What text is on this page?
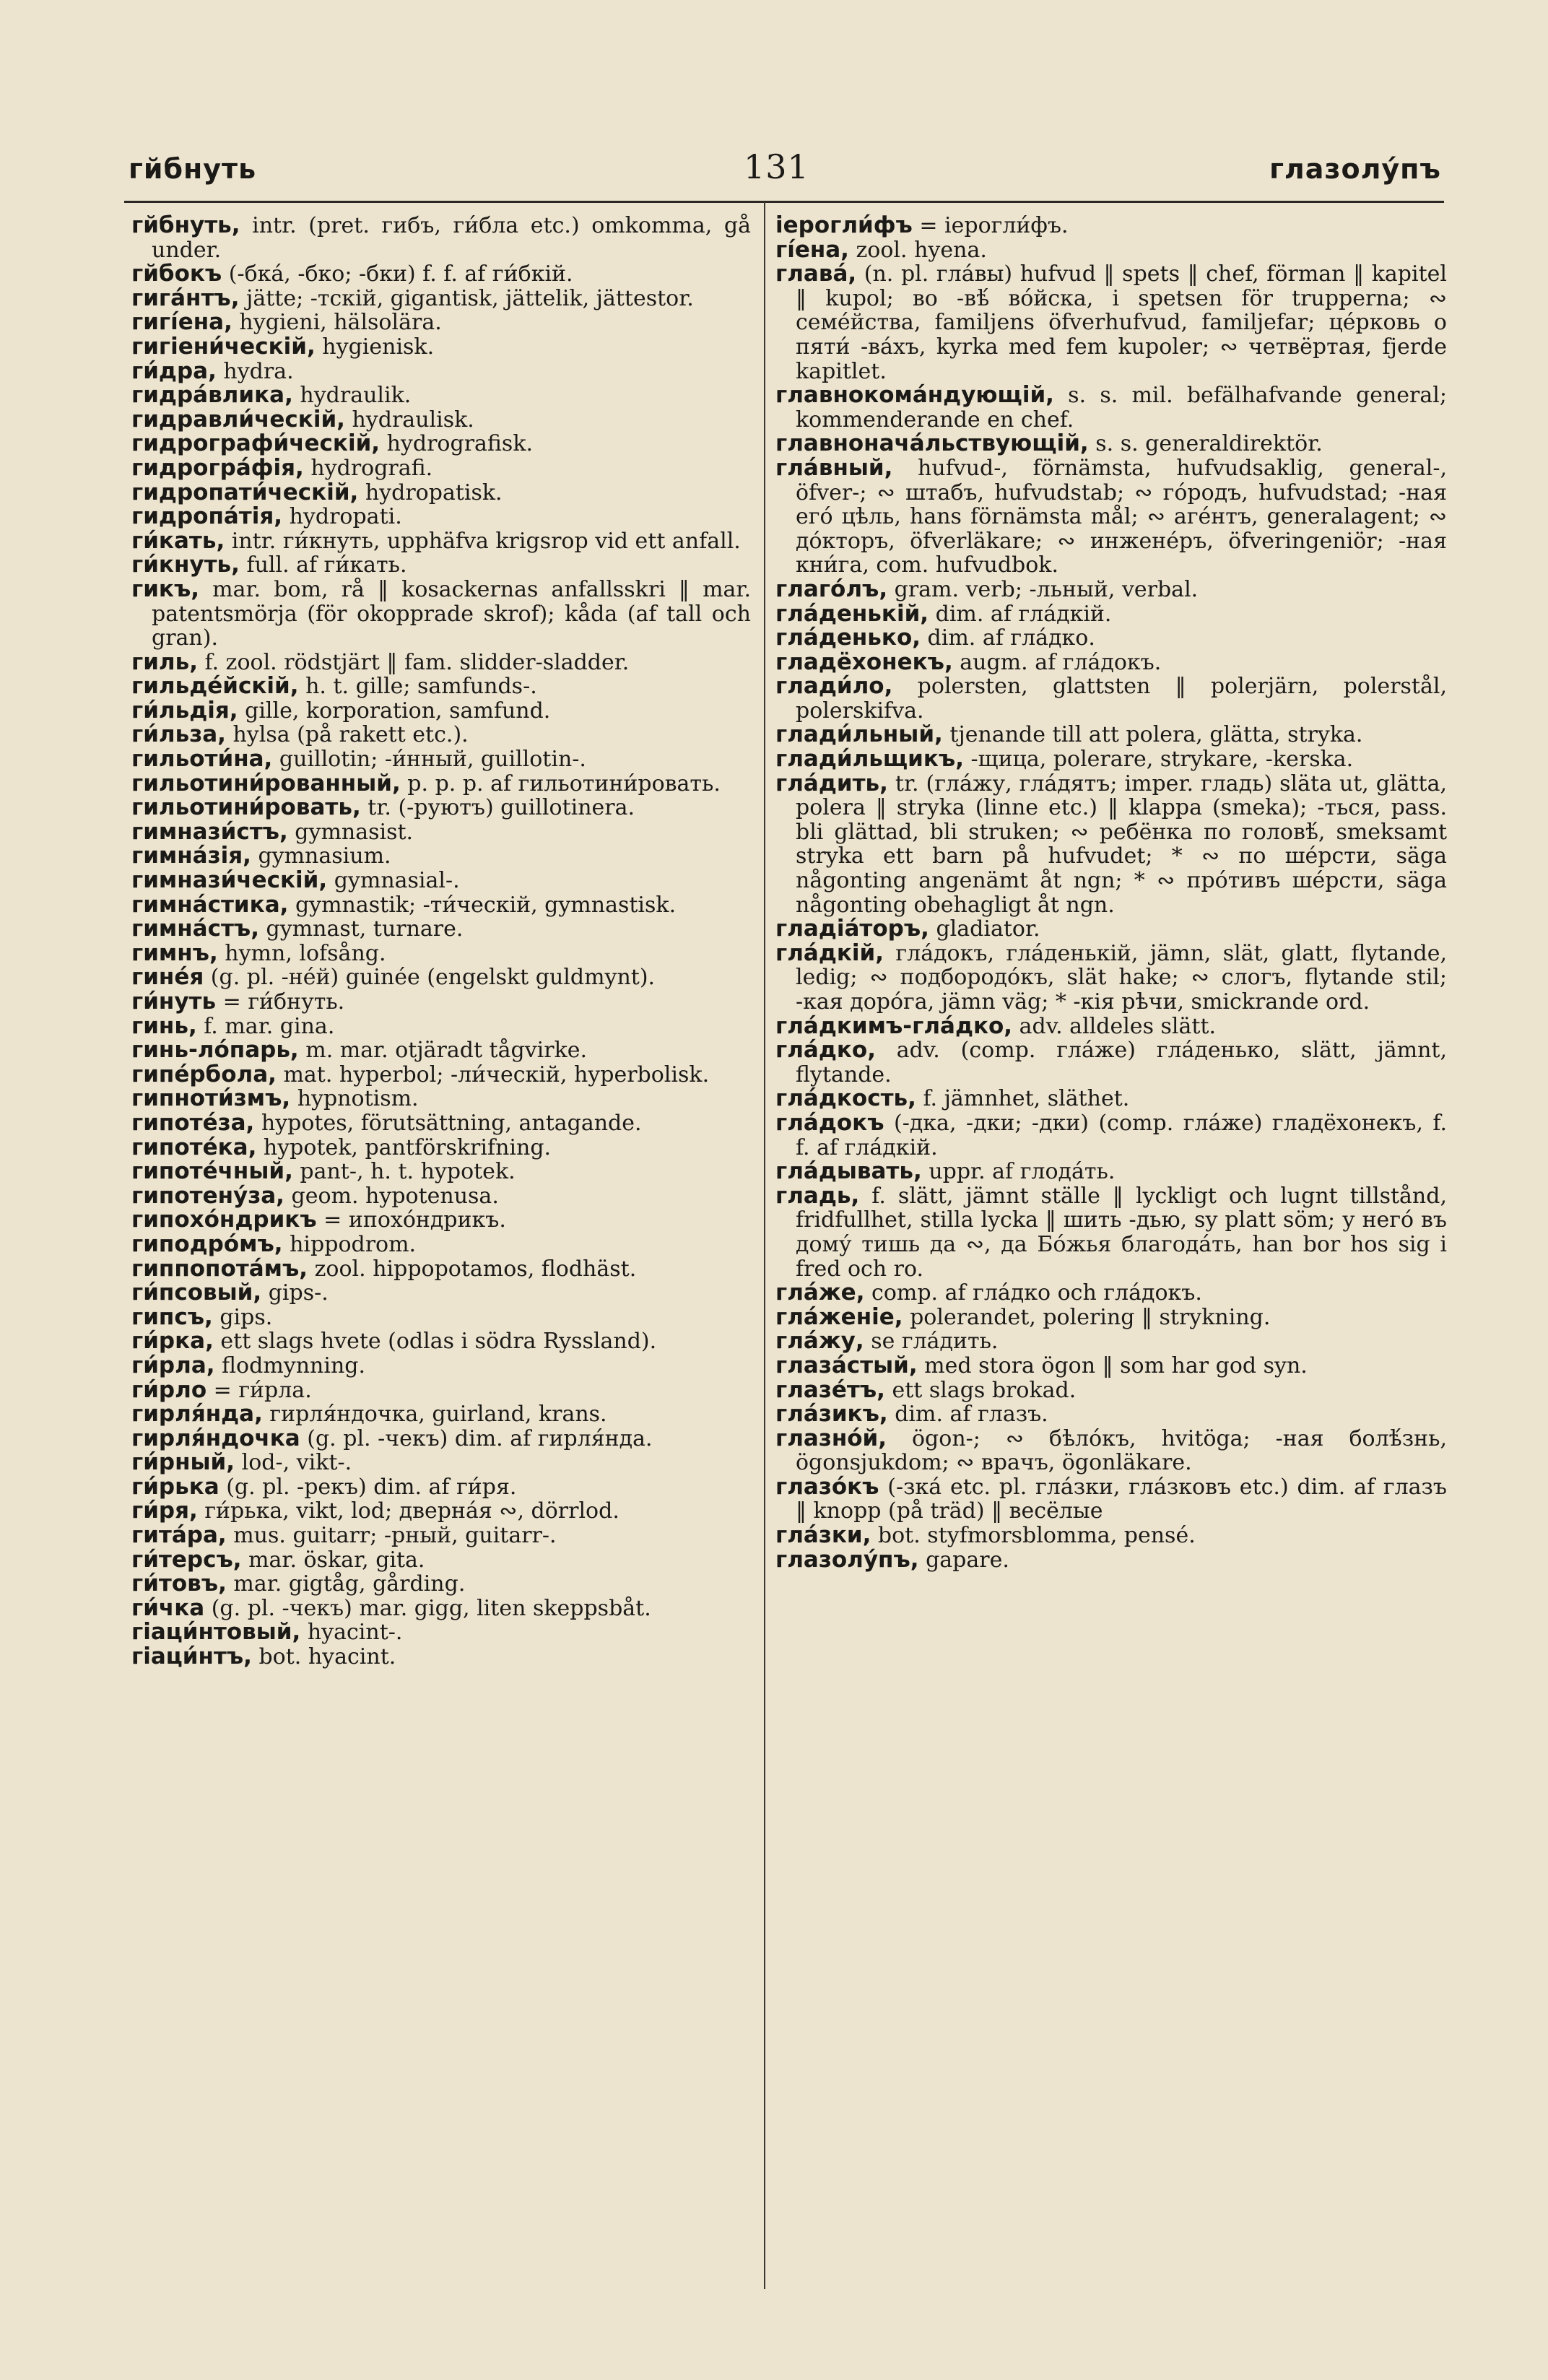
гйбнуть	131	глазолу́пъ

гйбнуть, intr. (pret. гибъ, ги́бла etc.) omkomma, gå under.

гйбокъ (-бка́, -бко; -бки) f. f. af ги́бкій.

гига́нтъ, jätte; -тскій, gigantisk, jättelik, jättestor.

гигі́ена, hygieni, hälsolära.

гигіени́ческій, hygienisk.

ги́дра, hydra.

гидра́влика, hydraulik.

гидравли́ческій, hydraulisk.

гидрографи́ческій, hydrografisk.

гидрогра́фія, hydrografi.

гидропати́ческій, hydropatisk.

гидропа́тія, hydropati.

ги́кать, intr. ги́кнуть, upphäfva krigsrop vid ett anfall.

ги́кнуть, full. af ги́кать.

гикъ, mar. bom, rå ‖ kosackernas anfallsskri ‖ mar. patentsmörja (för okopprade skrof); kåda (af tall och gran).

гиль, f. zool. rödstjärt ‖ fam. slidder-sladder.

гильде́йскій, h. t. gille; samfunds-.

ги́льдія, gille, korporation, samfund.

ги́льза, hylsa (på rakett etc.).

гильоти́на, guillotin; -и́нный, guillotin-.

гильотини́рованный, p. p. p. af гильотини́ровать.

гильотини́ровать, tr. (-руютъ) guillotinera.

гимнази́стъ, gymnasist.

гимна́зія, gymnasium.

гимнази́ческій, gymnasial-.

гимна́стика, gymnastik; -ти́ческій, gymnastisk.

гимна́стъ, gymnast, turnare.

гимнъ, hymn, lofsång.

гине́я (g. pl. -не́й) guinée (engelskt guldmynt).

ги́нуть = ги́бнуть.

гинь, f. mar. gina.

гинь-ло́парь, m. mar. otjäradt tågvirke.

гипе́рбола, mat. hyperbol; -ли́ческій, hyperbolisk.

гипноти́змъ, hypnotism.

гипоте́за, hypotes, förutsättning, antagande.

гипоте́ка, hypotek, pantförskrifning.

гипоте́чный, pant-, h. t. hypotek.

гипотену́за, geom. hypotenusa.

гипохо́ндрикъ = ипохо́ндрикъ.

гиподро́мъ, hippodrom.

гиппопота́мъ, zool. hippopotamos, flodhäst.

ги́псовый, gips-.

гипсъ, gips.

ги́рка, ett slags hvete (odlas i södra Ryssland).

ги́рла, flodmynning.

ги́рло = ги́рла.

гирля́нда, гирля́ндочка, guirland, krans.

гирля́ндочка (g. pl. -чекъ) dim. af гирля́нда.

ги́рный, lod-, vikt-.

ги́рька (g. pl. -рекъ) dim. af ги́ря.

ги́ря, ги́рька, vikt, lod; дверна́я ∾, dörrlod.

гита́ра, mus. guitarr; -рный, guitarr-.

ги́терсъ, mar. öskar, gita.

ги́товъ, mar. gigtåg, gårding.

ги́чка (g. pl. -чекъ) mar. gigg, liten skeppsbåt.

гіаци́нтовый, hyacint-.

гіаци́нтъ, bot. hyacint.

іерогли́фъ = іерогли́фъ.

гі́ена, zool. hyena.

глава́, (n. pl. гла́вы) hufvud ‖ spets ‖ chef, förman ‖ kapitel ‖ kupol; во -вѣ́ во́йска, i spetsen för trupperna; ∾ семе́йства, familjens öfverhufvud, familjefar; це́рковь о пяти́ -ва́хъ, kyrka med fem kupoler; ∾ четвёртая, fjerde kapitlet.

главнокома́ндующій, s. s. mil. befälhafvande general; kommenderande en chef.

главнонача́льствующій, s. s. generaldirektör.

гла́вный, hufvud-, förnämsta, hufvudsaklig, general-, öfver-; ∾ штабъ, hufvudstab; ∾ го́родъ, hufvudstad; -ная его́ цѣль, hans förnämsta mål; ∾ аге́нтъ, generalagent; ∾ до́кторъ, öfverläkare; ∾ инжене́ръ, öfveringeniör; -ная кни́га, com. hufvudbok.

глаго́лъ, gram. verb; -льный, verbal.

гла́денькій, dim. af гла́дкій.

гла́денько, dim. af гла́дко.

гладёхонекъ, augm. af гла́докъ.

глади́ло, polersten, glattsten ‖ polerjärn, polerstål, polerskifva.

глади́льный, tjenande till att polera, glätta, stryka.

глади́льщикъ, -щица, polerare, strykare, -kerska.

гла́дить, tr. (гла́жу, гла́дятъ; imper. гладь) släta ut, glätta, polera ‖ stryka (linne etc.) ‖ klappa (smeka); -ться, pass. bli glättad, bli struken; ∾ ребёнка по головѣ́, smeksamt stryka ett barn på hufvudet; * ∾ по ше́рсти, säga någonting angenämt åt ngn; * ∾ про́тивъ ше́рсти, säga någonting obehagligt åt ngn.

гладіа́торъ, gladiator.

гла́дкій, гла́докъ, гла́денькій, jämn, slät, glatt, flytande, ledig; ∾ подбородо́къ, slät hake; ∾ слогъ, flytande stil; -кая доро́га, jämn väg; * -кія рѣчи, smickrande ord.

гла́дкимъ-гла́дко, adv. alldeles slätt.

гла́дко, adv. (comp. гла́же) гла́денько, slätt, jämnt, flytande.

гла́дкость, f. jämnhet, släthet.

гла́докъ (-дка, -дки; -дки) (comp. гла́же) гладёхонекъ, f. f. af гла́дкій.

гла́дывать, uppr. af глода́ть.

гладь, f. slätt, jämnt ställe ‖ lyckligt och lugnt tillstånd, fridfullhet, stilla lycka ‖ шить -дью, sy platt söm; у него́ въ дому́ тишь да ∾, да Бо́жья благода́ть, han bor hos sig i fred och ro.

гла́же, comp. af гла́дко och гла́докъ.

гла́женіе, polerandet, polering ‖ strykning.

гла́жу, se гла́дить.

глаза́стый, med stora ögon ‖ som har god syn.

глазе́тъ, ett slags brokad.

гла́зикъ, dim. af глазъ.

глазно́й, ögon-; ∾ бѣло́къ, hvitöga; -ная болѣ́знь, ögonsjukdom; ∾ врачъ, ögonläkare.

глазо́къ (-зка́ etc. pl. гла́зки, гла́зковъ etc.) dim. af глазъ ‖ knopp (på träd) ‖ весёлые

гла́зки, bot. styfmorsblomma, pensé.

глазолу́пъ, gapare.
